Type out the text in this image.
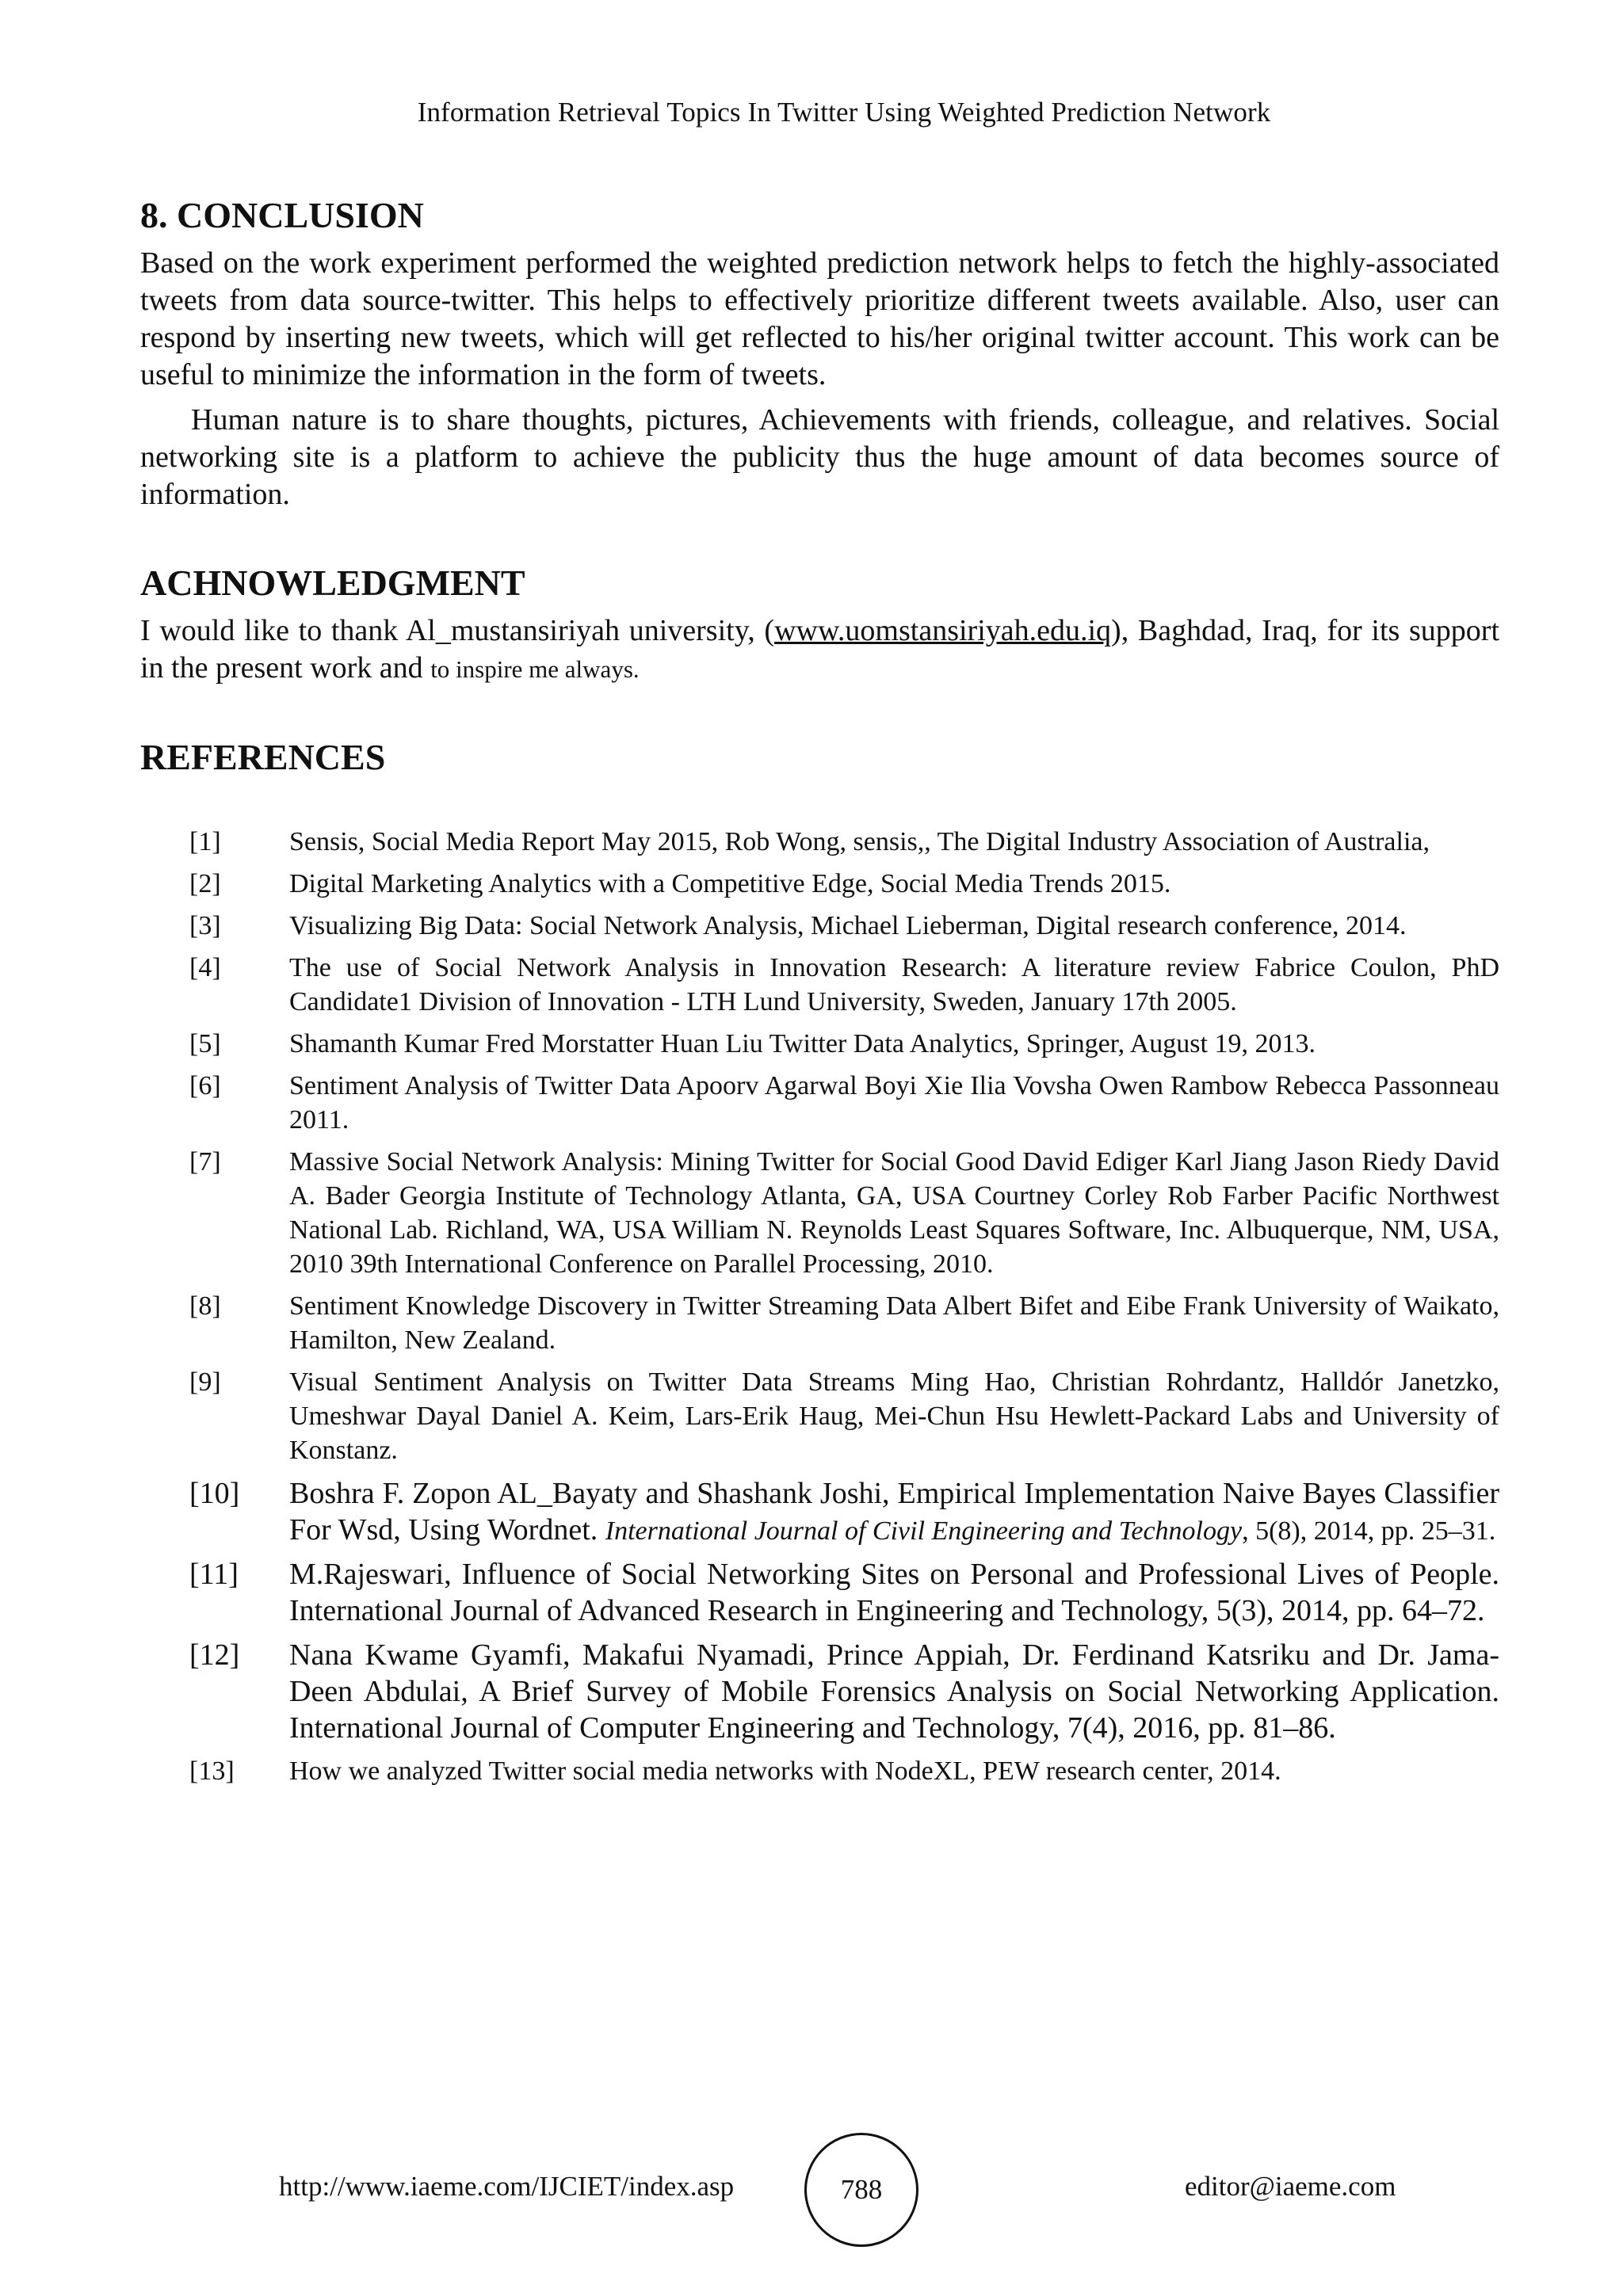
Information Retrieval Topics In Twitter Using Weighted Prediction Network
8. CONCLUSION

Based on the work experiment performed the weighted prediction network helps to fetch the highly-associated tweets from data source-twitter. This helps to effectively prioritize different tweets available. Also, user can respond by inserting new tweets, which will get reflected to his/her original twitter account. This work can be useful to minimize the information in the form of tweets.

Human nature is to share thoughts, pictures, Achievements with friends, colleague, and relatives. Social networking site is a platform to achieve the publicity thus the huge amount of data becomes source of information.

ACHNOWLEDGMENT

I would like to thank Al_mustansiriyah university, (www.uomstansiriyah.edu.iq), Baghdad, Iraq, for its support in the present work and to inspire me always.

REFERENCES
[1]	Sensis, Social Media Report May 2015, Rob Wong, sensis,, The Digital Industry Association of Australia,
[2]	Digital Marketing Analytics with a Competitive Edge, Social Media Trends 2015.
[3]	Visualizing Big Data: Social Network Analysis, Michael Lieberman, Digital research conference, 2014.
[4]	The use of Social Network Analysis in Innovation Research: A literature review Fabrice Coulon, PhD Candidate1 Division of Innovation - LTH Lund University, Sweden, January 17th 2005.
[5]	Shamanth Kumar Fred Morstatter Huan Liu Twitter Data Analytics, Springer, August 19, 2013.
[6]	Sentiment Analysis of Twitter Data Apoorv Agarwal Boyi Xie Ilia Vovsha Owen Rambow Rebecca Passonneau 2011.
[7]	Massive Social Network Analysis: Mining Twitter for Social Good David Ediger Karl Jiang Jason Riedy David A. Bader Georgia Institute of Technology Atlanta, GA, USA Courtney Corley Rob Farber Pacific Northwest National Lab. Richland, WA, USA William N. Reynolds Least Squares Software, Inc. Albuquerque, NM, USA, 2010 39th International Conference on Parallel Processing, 2010.
[8]	Sentiment Knowledge Discovery in Twitter Streaming Data Albert Bifet and Eibe Frank University of Waikato, Hamilton, New Zealand.
[9]	Visual Sentiment Analysis on Twitter Data Streams Ming Hao, Christian Rohrdantz, Halldór Janetzko, Umeshwar Dayal Daniel A. Keim, Lars-Erik Haug, Mei-Chun Hsu Hewlett-Packard Labs and University of Konstanz.
[10]	Boshra F. Zopon AL_Bayaty and Shashank Joshi, Empirical Implementation Naive Bayes Classifier For Wsd, Using Wordnet. International Journal of Civil Engineering and Technology, 5(8), 2014, pp. 25–31.
[11]	M.Rajeswari, Influence of Social Networking Sites on Personal and Professional Lives of People. International Journal of Advanced Research in Engineering and Technology, 5(3), 2014, pp. 64–72.
[12]	Nana Kwame Gyamfi, Makafui Nyamadi, Prince Appiah, Dr. Ferdinand Katsriku and Dr. Jama-Deen Abdulai, A Brief Survey of Mobile Forensics Analysis on Social Networking Application. International Journal of Computer Engineering and Technology, 7(4), 2016, pp. 81–86.
[13]	How we analyzed Twitter social media networks with NodeXL, PEW research center, 2014.
http://www.iaeme.com/IJCIET/index.asp	788	editor@iaeme.com
